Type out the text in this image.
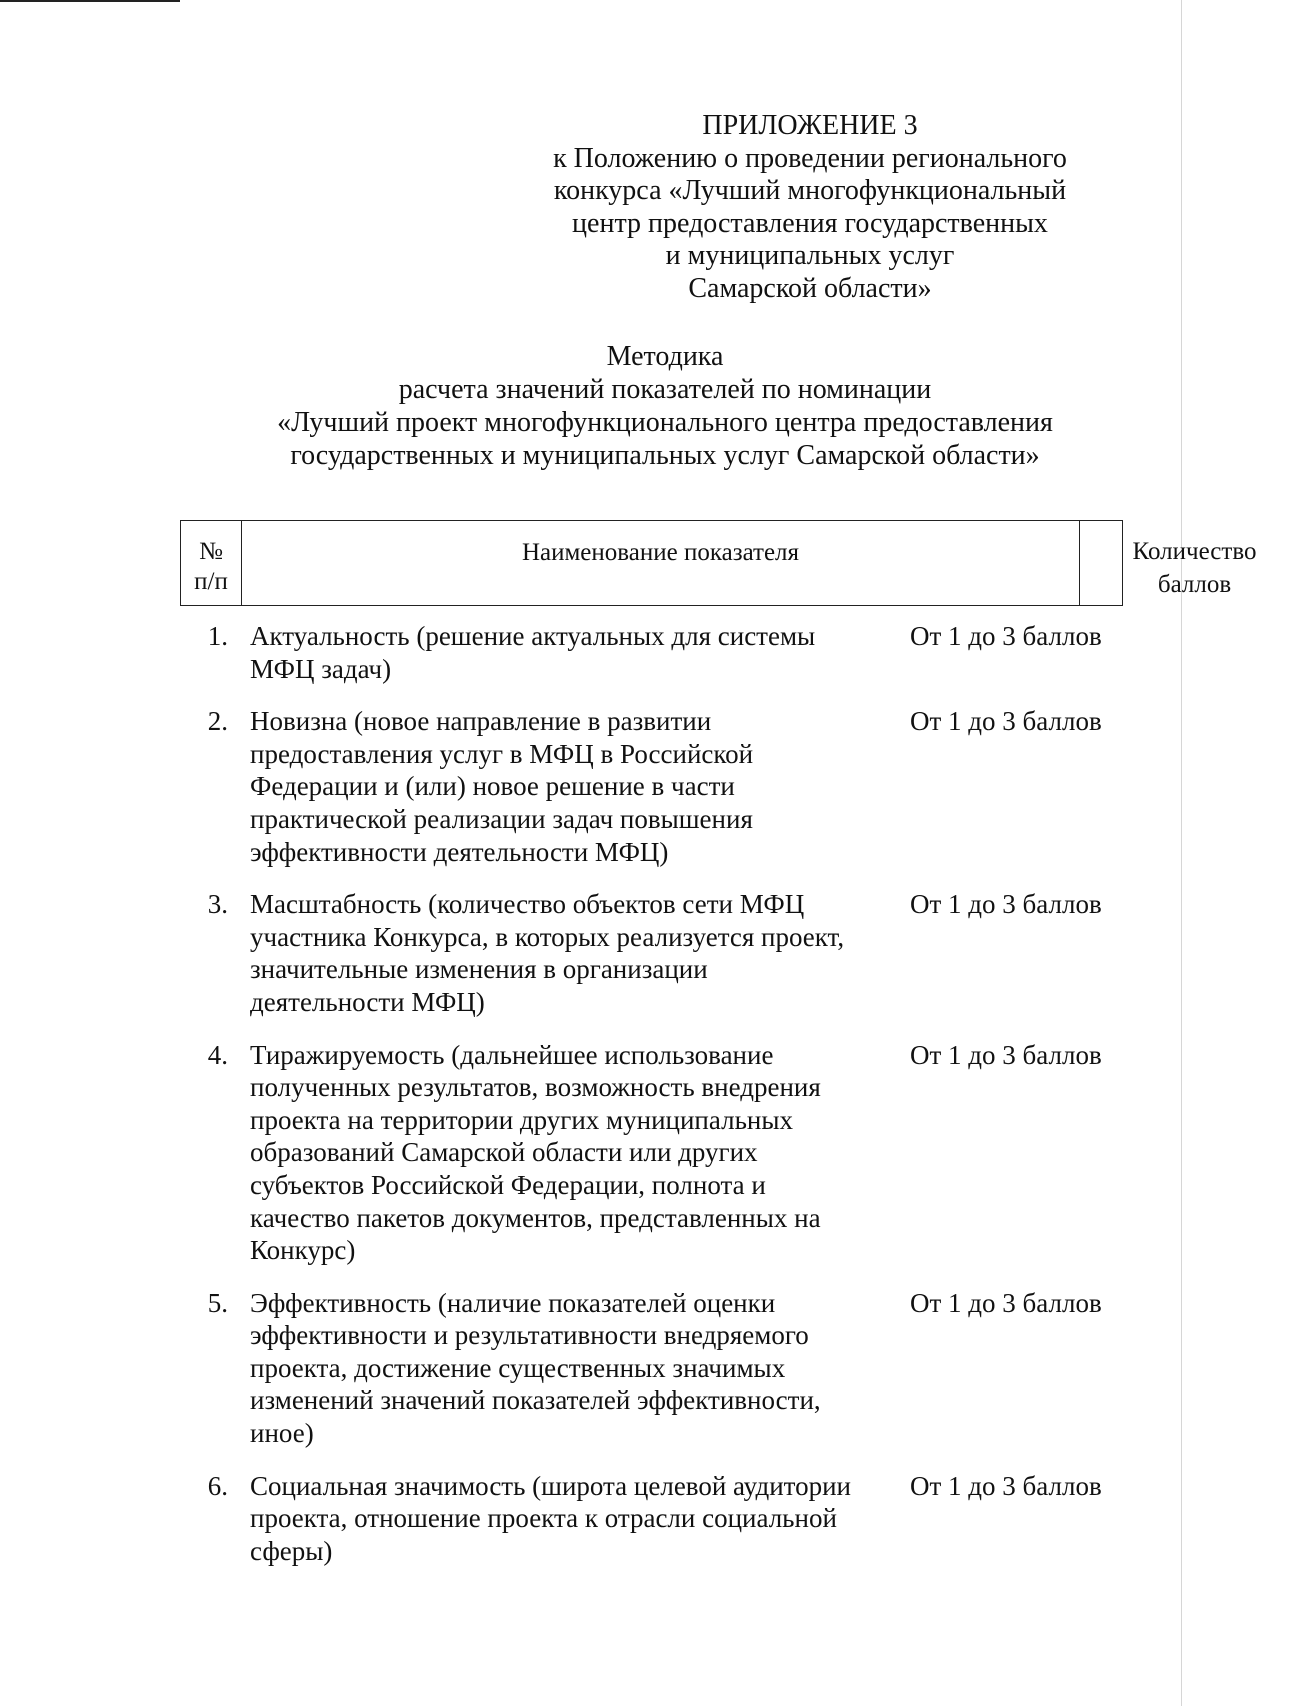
ПРИЛОЖЕНИЕ 3
к Положению о проведении регионального
конкурса «Лучший многофункциональный
центр предоставления государственных
и муниципальных услуг
Самарской области»
Методика
расчета значений показателей по номинации
«Лучший проект многофункционального центра предоставления
государственных и муниципальных услуг Самарской области»
№
п/п
Наименование показателя	Количество
баллов
1. Актуальность (решение актуальных для системы
МФЦ задач)
От 1 до 3 баллов
2. Новизна (новое направление в развитии
предоставления услуг в МФЦ в Российской
Федерации и (или) новое решение в части
практической реализации задач повышения
эффективности деятельности МФЦ)
От 1 до 3 баллов
3. Масштабность (количество объектов сети МФЦ
участника Конкурса, в которых реализуется проект,
значительные изменения в организации
деятельности МФЦ)
От 1 до 3 баллов
4. Тиражируемость (дальнейшее использование
полученных результатов, возможность внедрения
проекта на территории других муниципальных
образований Самарской области или других
субъектов Российской Федерации, полнота и
качество пакетов документов, представленных на
Конкурс)
От 1 до 3 баллов
5. Эффективность (наличие показателей оценки
эффективности и результативности внедряемого
проекта, достижение существенных значимых
изменений значений показателей эффективности,
иное)
От 1 до 3 баллов
6. Социальная значимость (широта целевой аудитории
проекта, отношение проекта к отрасли социальной
сферы)
От 1 до 3 баллов
